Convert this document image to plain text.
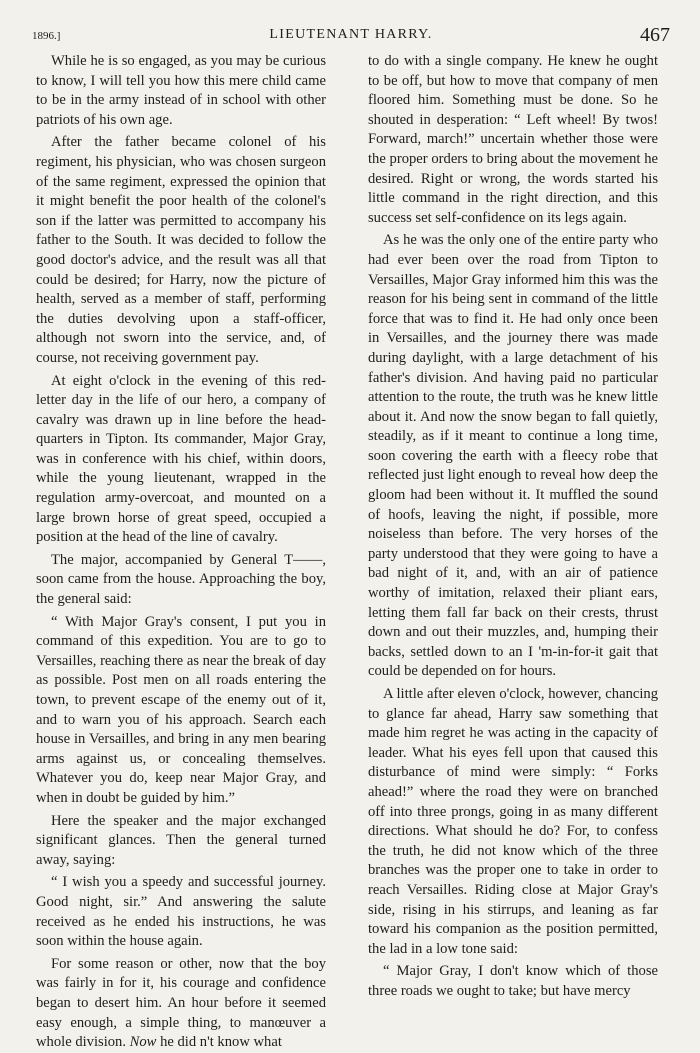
1896.]	LIEUTENANT HARRY.	467

While he is so engaged, as you may be curious to know, I will tell you how this mere child came to be in the army instead of in school with other patriots of his own age.

After the father became colonel of his regiment, his physician, who was chosen surgeon of the same regiment, expressed the opinion that it might benefit the poor health of the colonel's son if the latter was permitted to accompany his father to the South. It was decided to follow the good doctor's advice, and the result was all that could be desired; for Harry, now the picture of health, served as a member of staff, performing the duties devolving upon a staff-officer, although not sworn into the service, and, of course, not receiving government pay.

At eight o'clock in the evening of this red-letter day in the life of our hero, a company of cavalry was drawn up in line before the head-quarters in Tipton. Its commander, Major Gray, was in conference with his chief, within doors, while the young lieutenant, wrapped in the regulation army-overcoat, and mounted on a large brown horse of great speed, occupied a position at the head of the line of cavalry.

The major, accompanied by General T——, soon came from the house. Approaching the boy, the general said:

“ With Major Gray's consent, I put you in command of this expedition. You are to go to Versailles, reaching there as near the break of day as possible. Post men on all roads entering the town, to prevent escape of the enemy out of it, and to warn you of his approach. Search each house in Versailles, and bring in any men bearing arms against us, or concealing themselves. Whatever you do, keep near Major Gray, and when in doubt be guided by him.”

Here the speaker and the major exchanged significant glances. Then the general turned away, saying:

“ I wish you a speedy and successful journey. Good night, sir.” And answering the salute received as he ended his instructions, he was soon within the house again.

For some reason or other, now that the boy was fairly in for it, his courage and confidence began to desert him. An hour before it seemed easy enough, a simple thing, to manœuver a whole division. Now he did n't know what

to do with a single company. He knew he ought to be off, but how to move that company of men floored him. Something must be done. So he shouted in desperation: “ Left wheel! By twos! Forward, march!” uncertain whether those were the proper orders to bring about the movement he desired. Right or wrong, the words started his little command in the right direction, and this success set self-confidence on its legs again.

As he was the only one of the entire party who had ever been over the road from Tipton to Versailles, Major Gray informed him this was the reason for his being sent in command of the little force that was to find it. He had only once been in Versailles, and the journey there was made during daylight, with a large detachment of his father's division. And having paid no particular attention to the route, the truth was he knew little about it. And now the snow began to fall quietly, steadily, as if it meant to continue a long time, soon covering the earth with a fleecy robe that reflected just light enough to reveal how deep the gloom had been without it. It muffled the sound of hoofs, leaving the night, if possible, more noiseless than before. The very horses of the party understood that they were going to have a bad night of it, and, with an air of patience worthy of imitation, relaxed their pliant ears, letting them fall far back on their crests, thrust down and out their muzzles, and, humping their backs, settled down to an I 'm-in-for-it gait that could be depended on for hours.

A little after eleven o'clock, however, chancing to glance far ahead, Harry saw something that made him regret he was acting in the capacity of leader. What his eyes fell upon that caused this disturbance of mind were simply: “ Forks ahead!” where the road they were on branched off into three prongs, going in as many different directions. What should he do? For, to confess the truth, he did not know which of the three branches was the proper one to take in order to reach Versailles. Riding close at Major Gray's side, rising in his stirrups, and leaning as far toward his companion as the position permitted, the lad in a low tone said:

“ Major Gray, I don't know which of those three roads we ought to take; but have mercy
